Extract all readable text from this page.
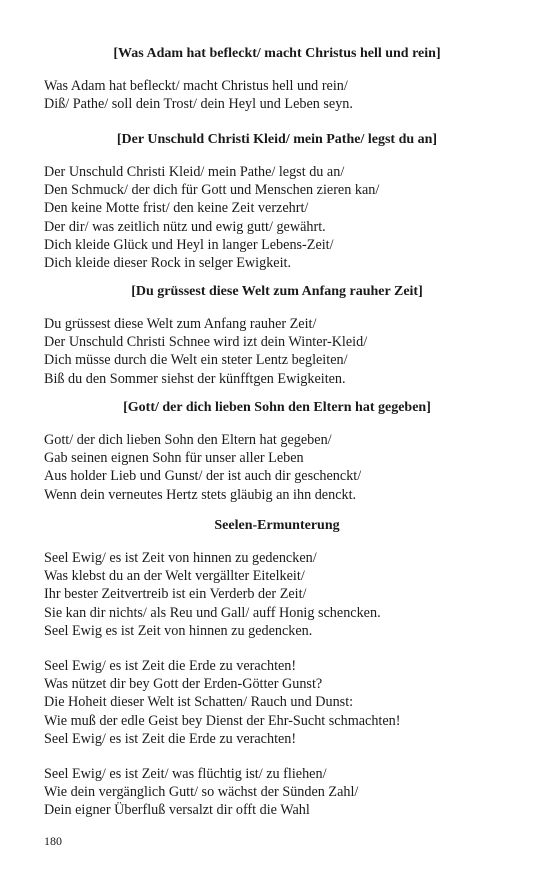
[Was Adam hat befleckt/ macht Christus hell und rein]

Was Adam hat befleckt/ macht Christus hell und rein/
Diß/ Pathe/ soll dein Trost/ dein Heyl und Leben seyn.

[Der Unschuld Christi Kleid/ mein Pathe/ legst du an]

Der Unschuld Christi Kleid/ mein Pathe/ legst du an/
Den Schmuck/ der dich für Gott und Menschen zieren kan/
Den keine Motte frist/ den keine Zeit verzehrt/
Der dir/ was zeitlich nütz und ewig gutt/ gewährt.
Dich kleide Glück und Heyl in langer Lebens-Zeit/
Dich kleide dieser Rock in selger Ewigkeit.

[Du grüssest diese Welt zum Anfang rauher Zeit]

Du grüssest diese Welt zum Anfang rauher Zeit/
Der Unschuld Christi Schnee wird izt dein Winter-Kleid/
Dich müsse durch die Welt ein steter Lentz begleiten/
Biß du den Sommer siehst der künfftgen Ewigkeiten.

[Gott/ der dich lieben Sohn den Eltern hat gegeben]

Gott/ der dich lieben Sohn den Eltern hat gegeben/
Gab seinen eignen Sohn für unser aller Leben
Aus holder Lieb und Gunst/ der ist auch dir geschenckt/
Wenn dein verneutes Hertz stets gläubig an ihn denckt.

Seelen-Ermunterung

Seel Ewig/ es ist Zeit von hinnen zu gedencken/
Was klebst du an der Welt vergällter Eitelkeit/
Ihr bester Zeitvertreib ist ein Verderb der Zeit/
Sie kan dir nichts/ als Reu und Gall/ auff Honig schencken.
Seel Ewig es ist Zeit von hinnen zu gedencken.

Seel Ewig/ es ist Zeit die Erde zu verachten!
Was nützet dir bey Gott der Erden-Götter Gunst?
Die Hoheit dieser Welt ist Schatten/ Rauch und Dunst:
Wie muß der edle Geist bey Dienst der Ehr-Sucht schmachten!
Seel Ewig/ es ist Zeit die Erde zu verachten!

Seel Ewig/ es ist Zeit/ was flüchtig ist/ zu fliehen/
Wie dein vergänglich Gutt/ so wächst der Sünden Zahl/
Dein eigner Überfluß versalzt dir offt die Wahl

180
